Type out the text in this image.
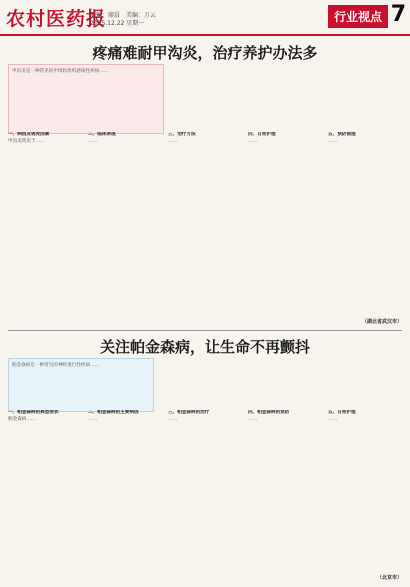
农村医药报
编辑：廖晨　美编：万云
2025.12.22 星期一	行业视点 7
疼痛难耐甲沟炎，治疗养护办法多
甲沟炎是一种常见的甲周软组织感染性疾病……
一、病因及诱发因素
甲沟炎常见于……
二、临床表现
……
三、治疗方法
……
四、日常护理
……
五、预防措施
……
（湖北省武汉市）
关注帕金森病，让生命不再颤抖
帕金森病是一种常见的神经退行性疾病……
一、帕金森病的典型症状
帕金森病……
二、帕金森病的主要病因
……
三、帕金森病的治疗
……
四、帕金森病的预防
……
五、日常护理
……
（北京市）
